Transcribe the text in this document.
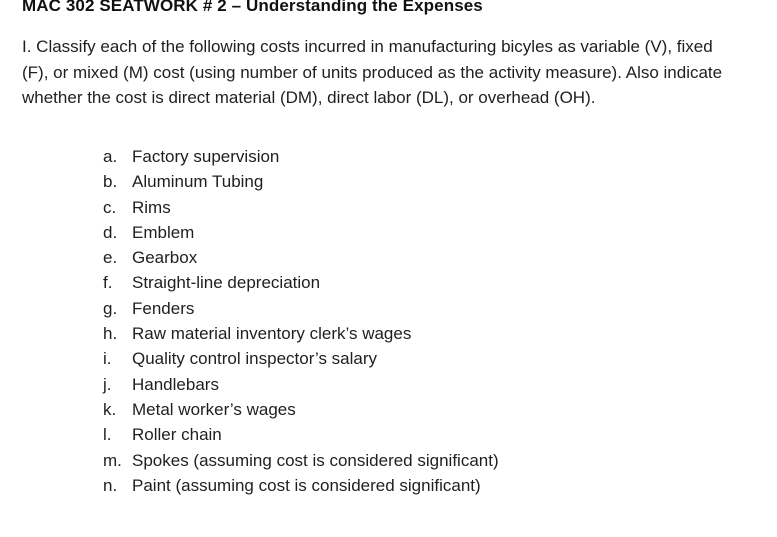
MAC 302 SEATWORK # 2 – Understanding the Expenses
I. Classify each of the following costs incurred in manufacturing bicyles as variable (V), fixed (F), or mixed (M) cost (using number of units produced as the activity measure). Also indicate whether the cost is direct material (DM), direct labor (DL), or overhead (OH).
a. Factory supervision
b. Aluminum Tubing
c. Rims
d. Emblem
e. Gearbox
f.	Straight-line depreciation
g. Fenders
h. Raw material inventory clerk’s wages
i.	Quality control inspector’s salary
j.	Handlebars
k. Metal worker’s wages
l.	Roller chain
m. Spokes (assuming cost is considered significant)
n. Paint (assuming cost is considered significant)
